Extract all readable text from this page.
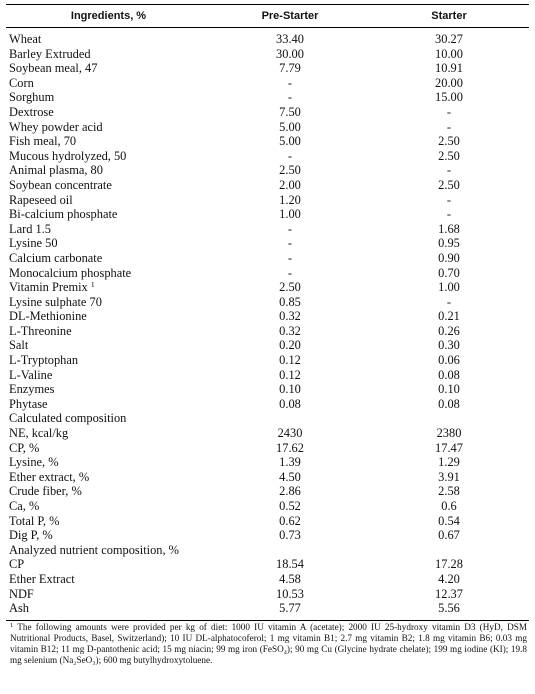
Ingredients, %	Pre-Starter	Starter
Wheat	33.40	30.27
Barley Extruded	30.00	10.00
Soybean meal, 47	7.79	10.91
Corn	-	20.00
Sorghum	-	15.00
Dextrose	7.50	-
Whey powder acid	5.00	-
Fish meal, 70	5.00	2.50
Mucous hydrolyzed, 50	-	2.50
Animal plasma, 80	2.50	-
Soybean concentrate	2.00	2.50
Rapeseed oil	1.20	-
Bi-calcium phosphate	1.00	-
Lard 1.5	-	1.68
Lysine 50	-	0.95
Calcium carbonate	-	0.90
Monocalcium phosphate	-	0.70
Vitamin Premix $^1$	2.50	1.00
Lysine sulphate 70	0.85	-
DL-Methionine	0.32	0.21
L-Threonine	0.32	0.26
Salt	0.20	0.30
L-Tryptophan	0.12	0.06
L-Valine	0.12	0.08
Enzymes	0.10	0.10
Phytase	0.08	0.08
Calculated composition		
NE, kcal/kg	2430	2380
CP, %	17.62	17.47
Lysine, %	1.39	1.29
Ether extract, %	4.50	3.91
Crude fiber, %	2.86	2.58
Ca, %	0.52	0.6
Total P, %	0.62	0.54
Dig P, %	0.73	0.67
Analyzed nutrient composition, %		
CP	18.54	17.28
Ether Extract	4.58	4.20
NDF	10.53	12.37
Ash	5.77	5.56
$^1$ The following amounts were provided per kg of diet: 1000 IU vitamin A (acetate); 2000 IU 25-hydroxy vitamin D3 (HyD, DSM Nutritional Products, Basel, Switzerland); 10 IU DL-alphatocoferol; 1 mg vitamin B1; 2.7 mg vitamin B2; 1.8 mg vitamin B6; 0.03 mg vitamin B12; 11 mg D-pantothenic acid; 15 mg niacin; 99 mg iron (FeSO₄); 90 mg Cu (Glycine hydrate chelate); 199 mg iodine (KI); 19.8 mg selenium (Na₂SeO₃); 600 mg butylhydroxytoluene.
